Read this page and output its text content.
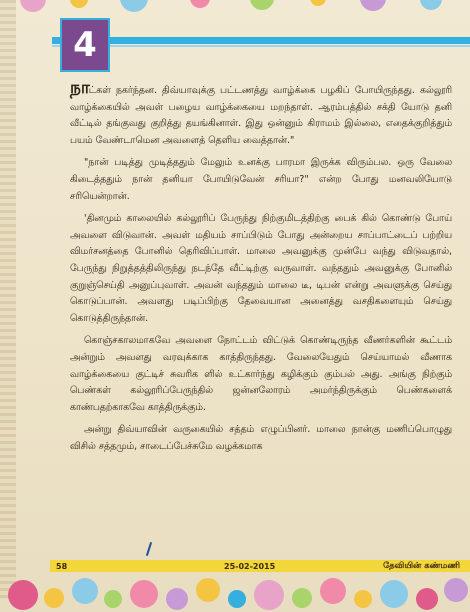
4

நாட்கள் நகர்ந்தன. திவ்யாவுக்கு பட்டணத்து வாழ்க்கை பழகிப் போயிருந்தது. கல்லூரி வாழ்க்கையில் அவள் பழைய வாழ்க்கையை மறந்தாள். ஆரம்பத்தில் சக்தி யோடு தனி வீட்டில் தங்குவது குறித்து தயங்கினாள். இது ஒன்னும் கிராமம் இல்லை, எதைக்குறித்தும் பயம் வேண்டாமென அவளைத் தெளிய வைத்தான்."

"நான் படித்து முடித்ததும் மேலும் உனக்கு பாரமா இருக்க விரும்பல. ஒரு வேலை கிடைத்ததும் நான் தனியா போயிடுவேன் சரியா?" என்ற போது மனவலியோடு சரியென்றான்.

'தினமும் காலையில் கல்லூரிப் பேருந்து நிற்குமிடத்திற்கு பைக் கில் கொண்டு போய் அவளை விடுவான். அவள் மதியம் சாப்பிடும் போது அன்றைய சாப்பாட்டைப் பற்றிய விமர்சனத்தை போனில் தெரிவிப்பாள். மாலை அவனுக்கு முன்பே வந்து விடுவதால், பேருந்து நிறுத்தத்திலிருந்து நடந்தே வீட்டிற்கு வருவாள். வந்ததும் அவனுக்கு போனில் குறுஞ்செய்தி அனுப்புவாள். அவன் வந்ததும் மாலை டீ, டிபன் என்று அவளுக்கு செய்து கொடுப்பான். அவளது படிப்பிற்கு தேவையான அனைத்து வசதிகளையும் செய்து கொடுத்திருந்தான்.

கொஞ்சகாலமாகவே அவளை நோட்டம் விட்டுக் கொண்டிருந்த வீணர்களின் கூட்டம் அன்றும் அவளது வரவுக்காக காத்திருந்தது. வேலையேதும் செய்யாமல் வீணாக வாழ்க்கையை குட்டிச் சுவரிக ளில் உட்கார்ந்து கழிக்கும் கும்பல் அது. அங்கு நிற்கும் பெண்கள் கல்லூரிப்பேருந்தில் ஜன்னலோரம் அமர்ந்திருக்கும் பெண்களைக் காண்பதற்காகவே காத்திருக்கும்.

அன்று திவ்யாவின் வருகையில் சத்தம் எழுப்பினர். மாலை நான்கு மணிப்பொழுது விசில் சத்தமும், சாடைப்பேச்சுமே வழக்கமாக

58	25-02-2015	தேவியின் கண்மணி
